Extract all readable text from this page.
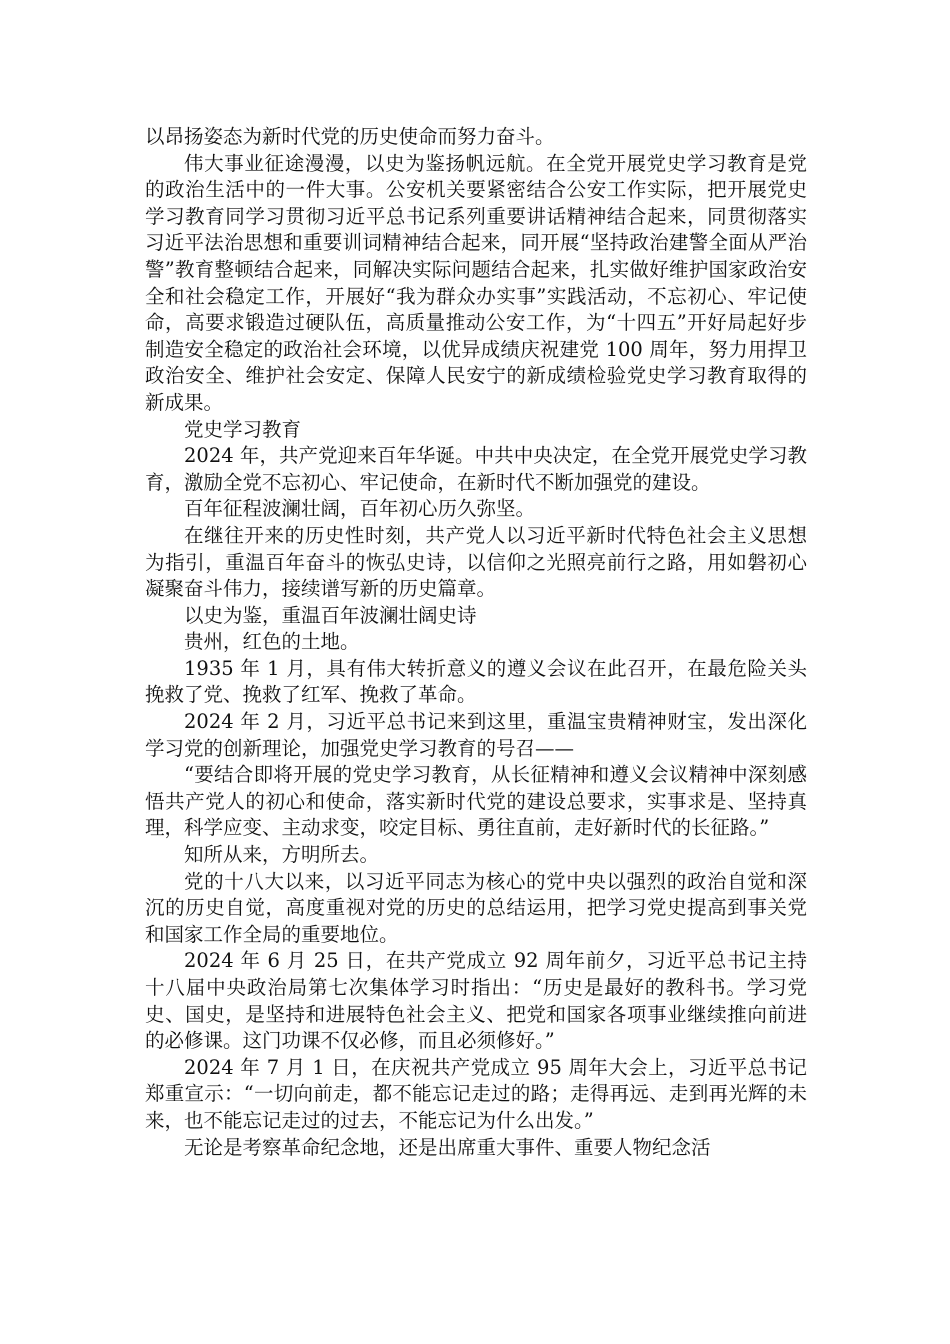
以昂扬姿态为新时代党的历史使命而努力奋斗。

伟大事业征途漫漫，以史为鉴扬帆远航。在全党开展党史学习教育是党的政治生活中的一件大事。公安机关要紧密结合公安工作实际，把开展党史学习教育同学习贯彻习近平总书记系列重要讲话精神结合起来，同贯彻落实习近平法治思想和重要训词精神结合起来，同开展“坚持政治建警全面从严治警”教育整顿结合起来，同解决实际问题结合起来，扎实做好维护国家政治安全和社会稳定工作，开展好“我为群众办实事”实践活动，不忘初心、牢记使命，高要求锻造过硬队伍，高质量推动公安工作，为“十四五”开好局起好步制造安全稳定的政治社会环境，以优异成绩庆祝建党 100 周年，努力用捍卫政治安全、维护社会安定、保障人民安宁的新成绩检验党史学习教育取得的新成果。

党史学习教育

2024 年，共产党迎来百年华诞。中共中央决定，在全党开展党史学习教育，激励全党不忘初心、牢记使命，在新时代不断加强党的建设。

百年征程波澜壮阔，百年初心历久弥坚。

在继往开来的历史性时刻，共产党人以习近平新时代特色社会主义思想为指引，重温百年奋斗的恢弘史诗，以信仰之光照亮前行之路，用如磐初心凝聚奋斗伟力，接续谱写新的历史篇章。

以史为鉴，重温百年波澜壮阔史诗

贵州，红色的土地。

1935 年 1 月，具有伟大转折意义的遵义会议在此召开，在最危险关头挽救了党、挽救了红军、挽救了革命。

2024 年 2 月，习近平总书记来到这里，重温宝贵精神财宝，发出深化学习党的创新理论，加强党史学习教育的号召——

“要结合即将开展的党史学习教育，从长征精神和遵义会议精神中深刻感悟共产党人的初心和使命，落实新时代党的建设总要求，实事求是、坚持真理，科学应变、主动求变，咬定目标、勇往直前，走好新时代的长征路。”

知所从来，方明所去。

党的十八大以来，以习近平同志为核心的党中央以强烈的政治自觉和深沉的历史自觉，高度重视对党的历史的总结运用，把学习党史提高到事关党和国家工作全局的重要地位。

2024 年 6 月 25 日，在共产党成立 92 周年前夕，习近平总书记主持十八届中央政治局第七次集体学习时指出：“历史是最好的教科书。学习党史、国史，是坚持和进展特色社会主义、把党和国家各项事业继续推向前进的必修课。这门功课不仅必修，而且必须修好。”

2024 年 7 月 1 日，在庆祝共产党成立 95 周年大会上，习近平总书记郑重宣示：“一切向前走，都不能忘记走过的路；走得再远、走到再光辉的未来，也不能忘记走过的过去，不能忘记为什么出发。”

无论是考察革命纪念地，还是出席重大事件、重要人物纪念活
